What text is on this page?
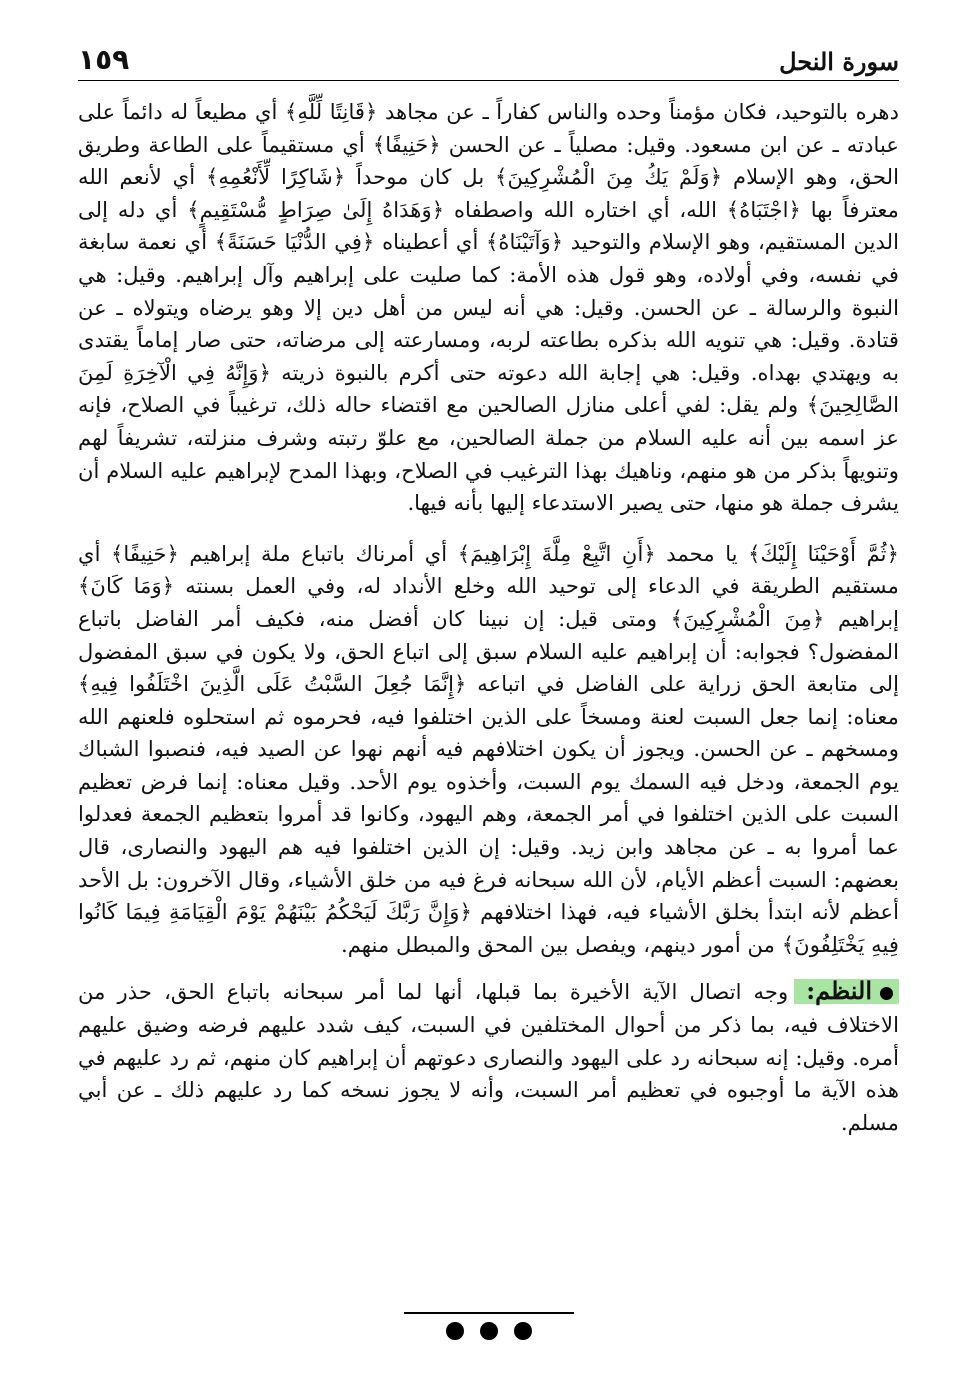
سورة النحل
١٥٩

دهره بالتوحيد، فكان مؤمناً وحده والناس كفاراً ـ عن مجاهد ﴿قَانِتًا لِّلَّهِ﴾ أي مطيعاً له دائماً على عبادته ـ عن ابن مسعود. وقيل: مصلياً ـ عن الحسن ﴿حَنِيفًا﴾ أي مستقيماً على الطاعة وطريق الحق، وهو الإسلام ﴿وَلَمْ يَكُ مِنَ الْمُشْرِكِينَ﴾ بل كان موحداً ﴿شَاكِرًا لِّأَنْعُمِهِ﴾ أي لأنعم الله معترفاً بها ﴿اجْتَبَاهُ﴾ الله، أي اختاره الله واصطفاه ﴿وَهَدَاهُ إِلَىٰ صِرَاطٍ مُّسْتَقِيمٍ﴾ أي دله إلى الدين المستقيم، وهو الإسلام والتوحيد ﴿وَآتَيْنَاهُ﴾ أي أعطيناه ﴿فِي الدُّنْيَا حَسَنَةً﴾ أي نعمة سابغة في نفسه، وفي أولاده، وهو قول هذه الأمة: كما صليت على إبراهيم وآل إبراهيم. وقيل: هي النبوة والرسالة ـ عن الحسن. وقيل: هي أنه ليس من أهل دين إلا وهو يرضاه ويتولاه ـ عن قتادة. وقيل: هي تنويه الله بذكره بطاعته لربه، ومسارعته إلى مرضاته، حتى صار إماماً يقتدى به ويهتدي بهداه. وقيل: هي إجابة الله دعوته حتى أكرم بالنبوة ذريته ﴿وَإِنَّهُ فِي الْآخِرَةِ لَمِنَ الصَّالِحِينَ﴾ ولم يقل: لفي أعلى منازل الصالحين مع اقتضاء حاله ذلك، ترغيباً في الصلاح، فإنه عز اسمه بين أنه عليه السلام من جملة الصالحين، مع علوّ رتبته وشرف منزلته، تشريفاً لهم وتنويهاً بذكر من هو منهم، وناهيك بهذا الترغيب في الصلاح، وبهذا المدح لإبراهيم عليه السلام أن يشرف جملة هو منها، حتى يصير الاستدعاء إليها بأنه فيها.

﴿ثُمَّ أَوْحَيْنَا إِلَيْكَ﴾ يا محمد ﴿أَنِ اتَّبِعْ مِلَّةَ إِبْرَاهِيمَ﴾ أي أمرناك باتباع ملة إبراهيم ﴿حَنِيفًا﴾ أي مستقيم الطريقة في الدعاء إلى توحيد الله وخلع الأنداد له، وفي العمل بسنته ﴿وَمَا كَانَ﴾ إبراهيم ﴿مِنَ الْمُشْرِكِينَ﴾ ومتى قيل: إن نبينا كان أفضل منه، فكيف أمر الفاضل باتباع المفضول؟ فجوابه: أن إبراهيم عليه السلام سبق إلى اتباع الحق، ولا يكون في سبق المفضول إلى متابعة الحق زراية على الفاضل في اتباعه ﴿إِنَّمَا جُعِلَ السَّبْتُ عَلَى الَّذِينَ اخْتَلَفُوا فِيهِ﴾ معناه: إنما جعل السبت لعنة ومسخاً على الذين اختلفوا فيه، فحرموه ثم استحلوه فلعنهم الله ومسخهم ـ عن الحسن. ويجوز أن يكون اختلافهم فيه أنهم نهوا عن الصيد فيه، فنصبوا الشباك يوم الجمعة، ودخل فيه السمك يوم السبت، وأخذوه يوم الأحد. وقيل معناه: إنما فرض تعظيم السبت على الذين اختلفوا في أمر الجمعة، وهم اليهود، وكانوا قد أمروا بتعظيم الجمعة فعدلوا عما أمروا به ـ عن مجاهد وابن زيد. وقيل: إن الذين اختلفوا فيه هم اليهود والنصارى، قال بعضهم: السبت أعظم الأيام، لأن الله سبحانه فرغ فيه من خلق الأشياء، وقال الآخرون: بل الأحد أعظم لأنه ابتدأ بخلق الأشياء فيه، فهذا اختلافهم ﴿وَإِنَّ رَبَّكَ لَيَحْكُمُ بَيْنَهُمْ يَوْمَ الْقِيَامَةِ فِيمَا كَانُوا فِيهِ يَخْتَلِفُونَ﴾ من أمور دينهم، ويفصل بين المحق والمبطل منهم.

النظم:وجه اتصال الآية الأخيرة بما قبلها، أنها لما أمر سبحانه باتباع الحق، حذر من الاختلاف فيه، بما ذكر من أحوال المختلفين في السبت، كيف شدد عليهم فرضه وضيق عليهم أمره. وقيل: إنه سبحانه رد على اليهود والنصارى دعوتهم أن إبراهيم كان منهم، ثم رد عليهم في هذه الآية ما أوجبوه في تعظيم أمر السبت، وأنه لا يجوز نسخه كما رد عليهم ذلك ـ عن أبي مسلم.
